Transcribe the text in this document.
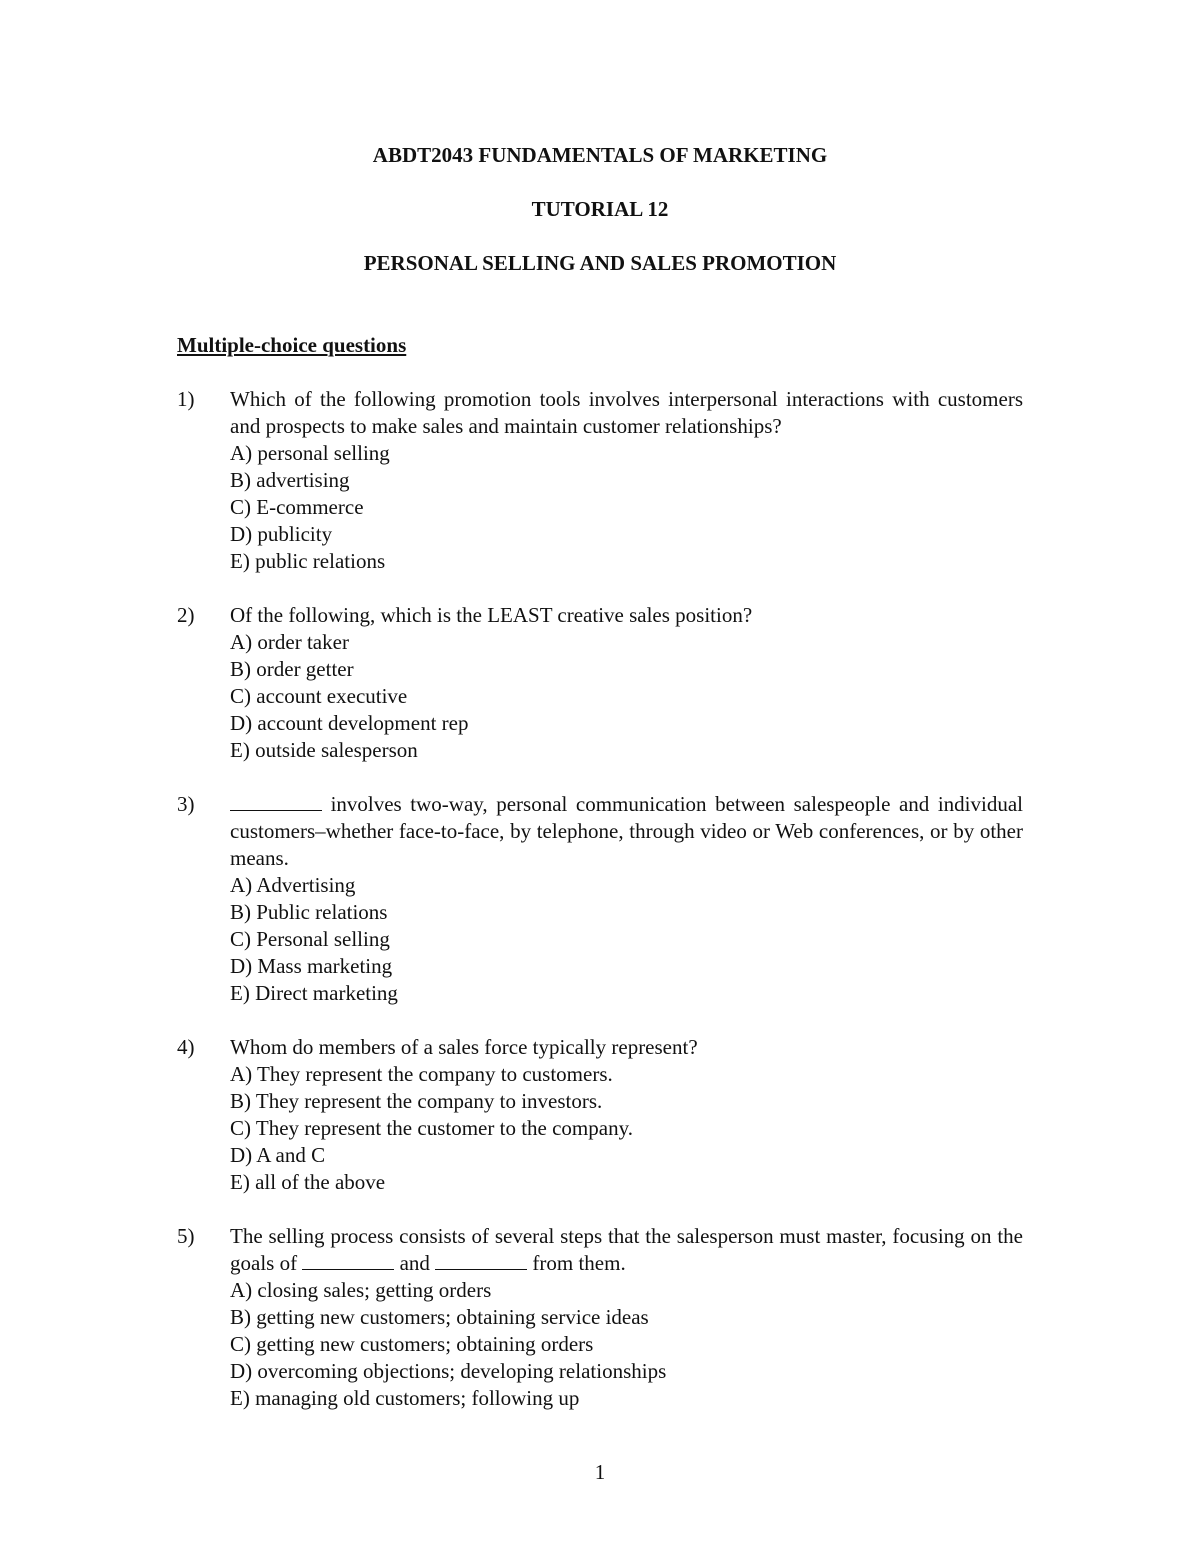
ABDT2043 FUNDAMENTALS OF MARKETING
TUTORIAL 12
PERSONAL SELLING AND SALES PROMOTION
Multiple-choice questions
1)	Which of the following promotion tools involves interpersonal interactions with customers and prospects to make sales and maintain customer relationships?
A) personal selling
B) advertising
C) E-commerce
D) publicity
E) public relations
2)	Of the following, which is the LEAST creative sales position?
A) order taker
B) order getter
C) account executive
D) account development rep
E) outside salesperson
3)	involves two-way, personal communication between salespeople and individual customers–whether face-to-face, by telephone, through video or Web conferences, or by other means.
A) Advertising
B) Public relations
C) Personal selling
D) Mass marketing
E) Direct marketing
4)	Whom do members of a sales force typically represent?
A) They represent the company to customers.
B) They represent the company to investors.
C) They represent the customer to the company.
D) A and C
E) all of the above
5)	The selling process consists of several steps that the salesperson must master, focusing on the goals of	and	from them.
A) closing sales; getting orders
B) getting new customers; obtaining service ideas
C) getting new customers; obtaining orders
D) overcoming objections; developing relationships
E) managing old customers; following up
1
